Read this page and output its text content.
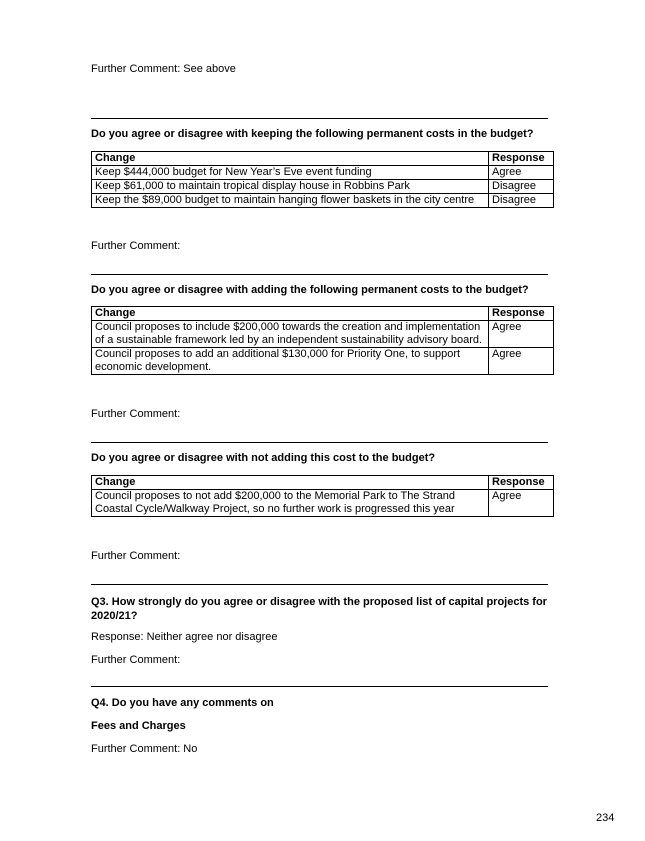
Further Comment: See above

Do you agree or disagree with keeping the following permanent costs in the budget?

Change	Response
Keep $444,000 budget for New Year’s Eve event funding	Agree
Keep $61,000 to maintain tropical display house in Robbins Park	Disagree
Keep the $89,000 budget to maintain hanging flower baskets in the city centre	Disagree

Further Comment:

Do you agree or disagree with adding the following permanent costs to the budget?

Change	Response
Council proposes to include $200,000 towards the creation and implementation of a sustainable framework led by an independent sustainability advisory board.	Agree
Council proposes to add an additional $130,000 for Priority One, to support economic development.	Agree

Further Comment:

Do you agree or disagree with not adding this cost to the budget?

Change	Response
Council proposes to not add $200,000 to the Memorial Park to The Strand Coastal Cycle/Walkway Project, so no further work is progressed this year	Agree

Further Comment:

Q3. How strongly do you agree or disagree with the proposed list of capital projects for 2020/21?

Response: Neither agree nor disagree

Further Comment:

Q4. Do you have any comments on

Fees and Charges

Further Comment: No

234
